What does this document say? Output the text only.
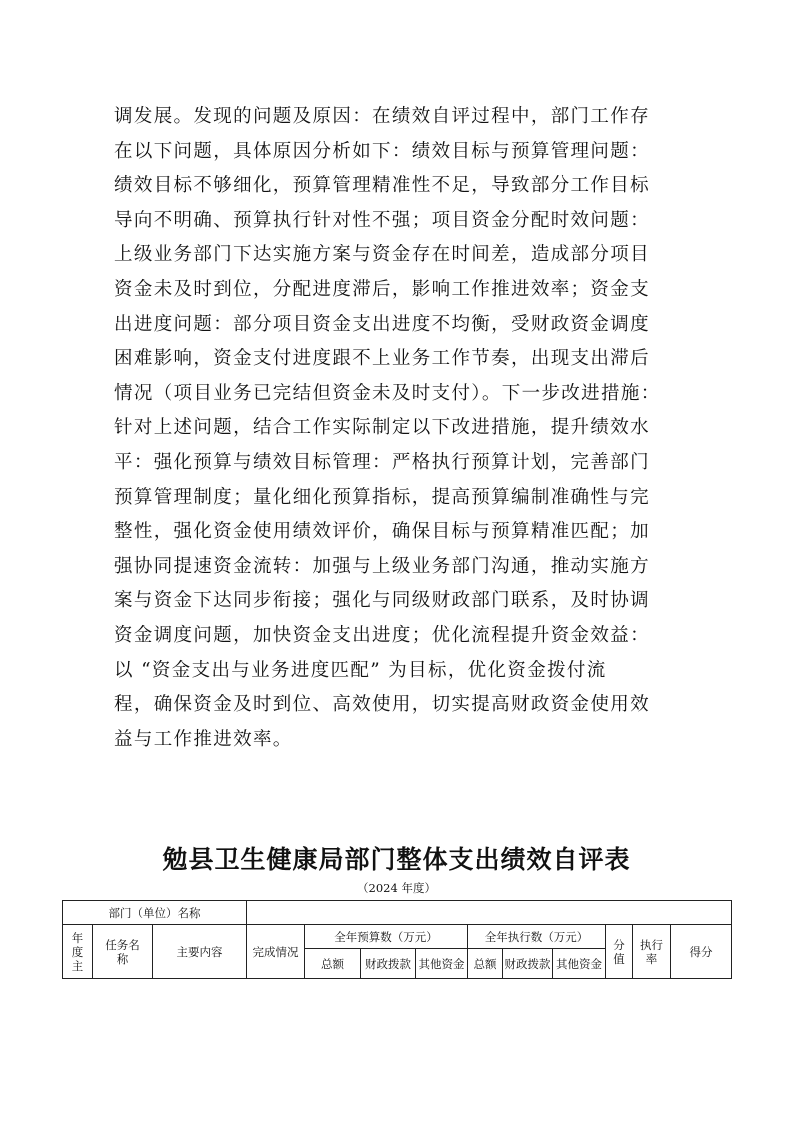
调发展。发现的问题及原因：在绩效自评过程中，部门工作存
在以下问题，具体原因分析如下：绩效目标与预算管理问题：
绩效目标不够细化，预算管理精准性不足，导致部分工作目标
导向不明确、预算执行针对性不强；项目资金分配时效问题：
上级业务部门下达实施方案与资金存在时间差，造成部分项目
资金未及时到位，分配进度滞后，影响工作推进效率；资金支
出进度问题：部分项目资金支出进度不均衡，受财政资金调度
困难影响，资金支付进度跟不上业务工作节奏，出现支出滞后
情况（项目业务已完结但资金未及时支付）。下一步改进措施：
针对上述问题，结合工作实际制定以下改进措施，提升绩效水
平：强化预算与绩效目标管理：严格执行预算计划，完善部门
预算管理制度；量化细化预算指标，提高预算编制准确性与完
整性，强化资金使用绩效评价，确保目标与预算精准匹配；加
强协同提速资金流转：加强与上级业务部门沟通，推动实施方
案与资金下达同步衔接；强化与同级财政部门联系，及时协调
资金调度问题，加快资金支出进度；优化流程提升资金效益：
以 “资金支出与业务进度匹配” 为目标，优化资金拨付流
程，确保资金及时到位、高效使用，切实提高财政资金使用效
益与工作推进效率。
勉县卫生健康局部门整体支出绩效自评表
（2024 年度）
部门（单位）名称												
年度主	任务名称	主要内容	完成情况	全年预算数（万元）			全年执行数（万元）			分值	执行率	得分
				总额	财政拨款	其他资金	总额	财政拨款	其他资金			
